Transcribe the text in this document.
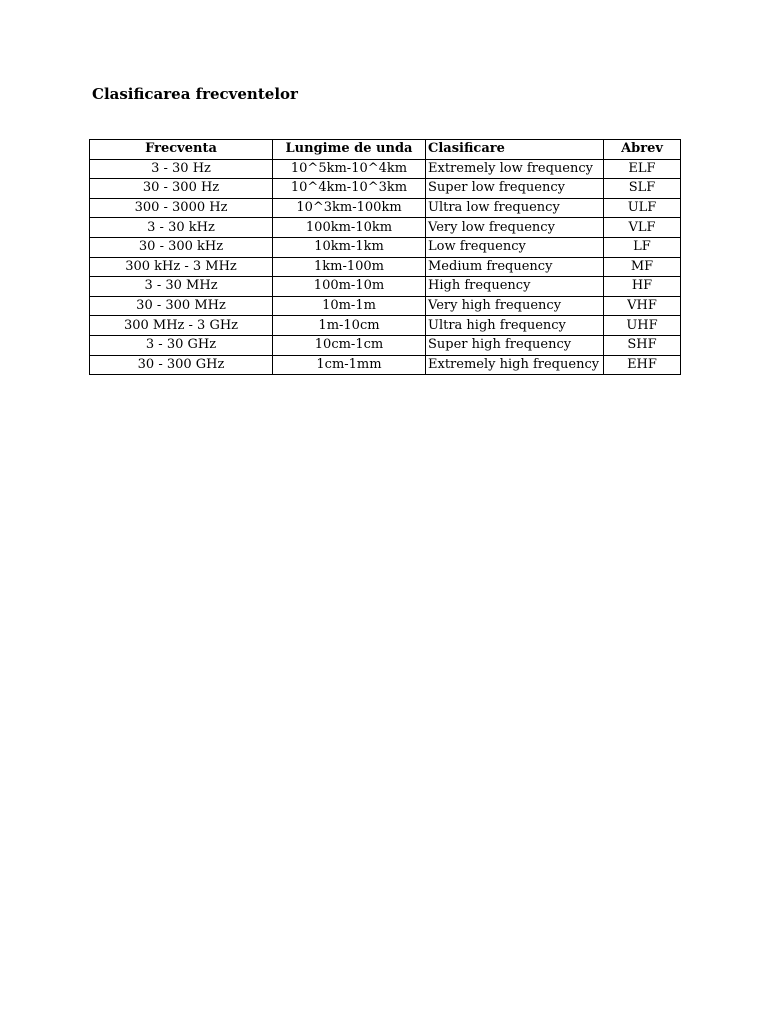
Clasificarea frecventelor
Frecventa	Lungime de unda	Clasificare	Abrev
3 - 30 Hz	10^5km-10^4km	Extremely low frequency	ELF
30 - 300 Hz	10^4km-10^3km	Super low frequency	SLF
300 - 3000 Hz	10^3km-100km	Ultra low frequency	ULF
3 - 30 kHz	100km-10km	Very low frequency	VLF
30 - 300 kHz	10km-1km	Low frequency	LF
300 kHz - 3 MHz	1km-100m	Medium frequency	MF
3 - 30 MHz	100m-10m	High frequency	HF
30 - 300 MHz	10m-1m	Very high frequency	VHF
300 MHz - 3 GHz	1m-10cm	Ultra high frequency	UHF
3 - 30 GHz	10cm-1cm	Super high frequency	SHF
30 - 300 GHz	1cm-1mm	Extremely high frequency	EHF
